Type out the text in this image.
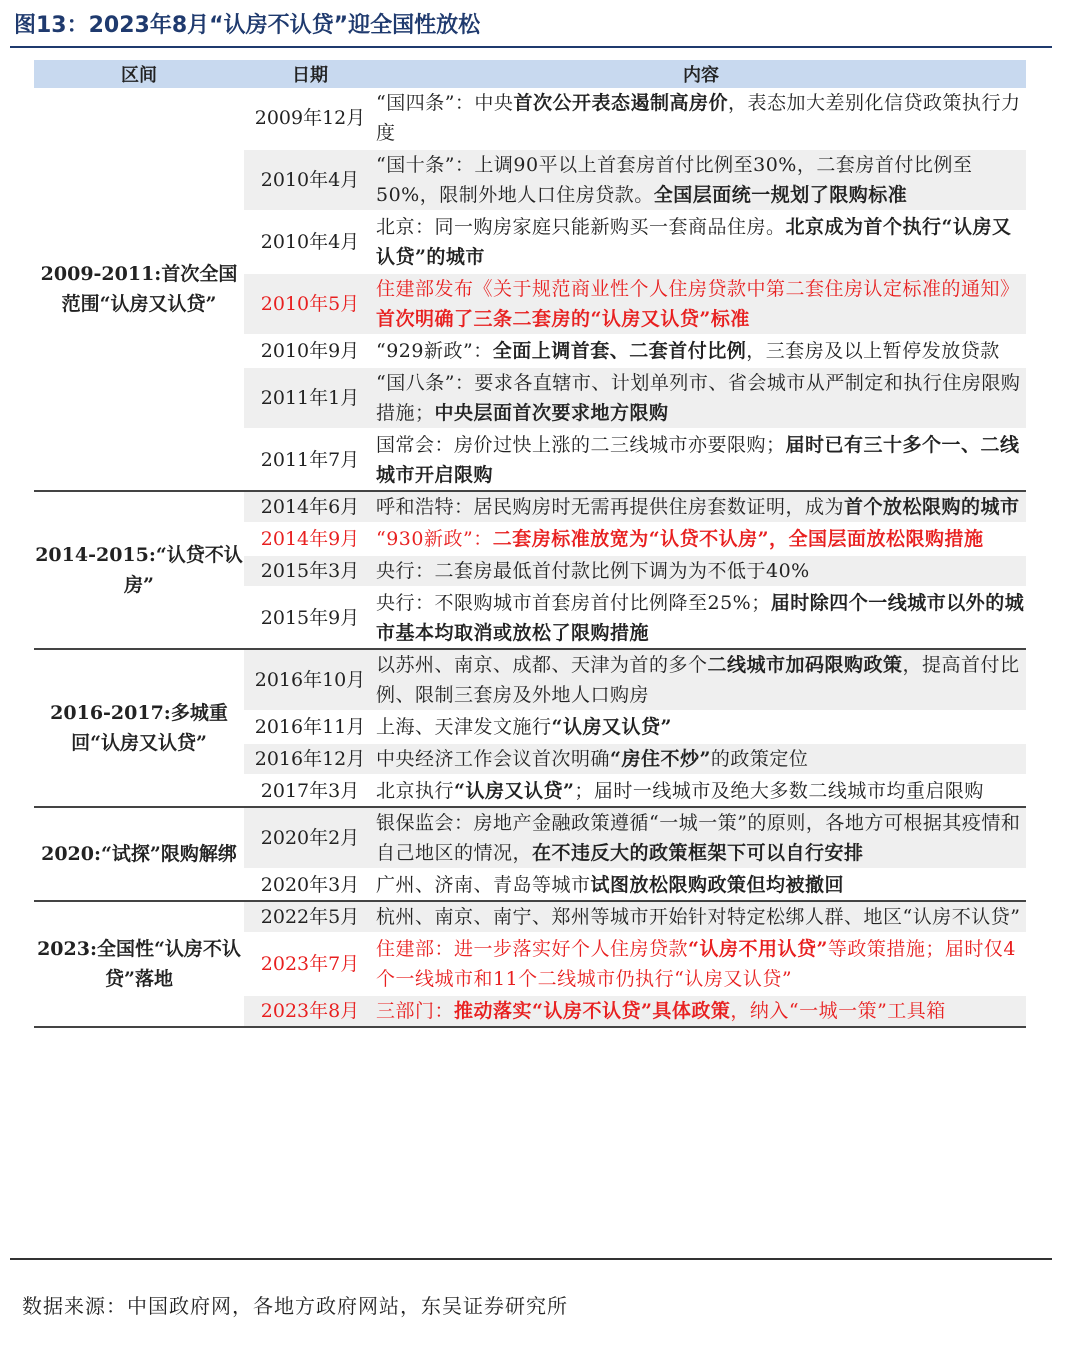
图13：2023年8月“认房不认贷”迎全国性放松
区间	日期	内容
2009-2011:首次全国范围“认房又认贷”	2009年12月	“国四条”：中央首次公开表态遏制高房价，表态加大差别化信贷政策执行力度
	2010年4月	“国十条”：上调90平以上首套房首付比例至30%，二套房首付比例至50%，限制外地人口住房贷款。全国层面统一规划了限购标准
	2010年4月	北京：同一购房家庭只能新购买一套商品住房。北京成为首个执行“认房又认贷”的城市
	2010年5月	住建部发布《关于规范商业性个人住房贷款中第二套住房认定标准的通知》首次明确了三条二套房的“认房又认贷”标准
	2010年9月	“929新政”：全面上调首套、二套首付比例，三套房及以上暂停发放贷款
	2011年1月	“国八条”：要求各直辖市、计划单列市、省会城市从严制定和执行住房限购措施；中央层面首次要求地方限购
	2011年7月	国常会：房价过快上涨的二三线城市亦要限购；届时已有三十多个一、二线城市开启限购
2014-2015:“认贷不认房”	2014年6月	呼和浩特：居民购房时无需再提供住房套数证明，成为首个放松限购的城市
	2014年9月	“930新政”：二套房标准放宽为“认贷不认房”，全国层面放松限购措施
	2015年3月	央行：二套房最低首付款比例下调为为不低于40%
	2015年9月	央行：不限购城市首套房首付比例降至25%；届时除四个一线城市以外的城市基本均取消或放松了限购措施
2016-2017:多城重回“认房又认贷”	2016年10月	以苏州、南京、成都、天津为首的多个二线城市加码限购政策，提高首付比例、限制三套房及外地人口购房
	2016年11月	上海、天津发文施行“认房又认贷”
	2016年12月	中央经济工作会议首次明确“房住不炒”的政策定位
	2017年3月	北京执行“认房又认贷”；届时一线城市及绝大多数二线城市均重启限购
2020:“试探”限购解绑	2020年2月	银保监会：房地产金融政策遵循“一城一策”的原则，各地方可根据其疫情和自己地区的情况，在不违反大的政策框架下可以自行安排
	2020年3月	广州、济南、青岛等城市试图放松限购政策但均被撤回
2023:全国性“认房不认贷”落地	2022年5月	杭州、南京、南宁、郑州等城市开始针对特定松绑人群、地区“认房不认贷”
	2023年7月	住建部：进一步落实好个人住房贷款“认房不用认贷”等政策措施；届时仅4个一线城市和11个二线城市仍执行“认房又认贷”
	2023年8月	三部门：推动落实“认房不认贷”具体政策，纳入“一城一策”工具箱
数据来源：中国政府网，各地方政府网站，东吴证券研究所
